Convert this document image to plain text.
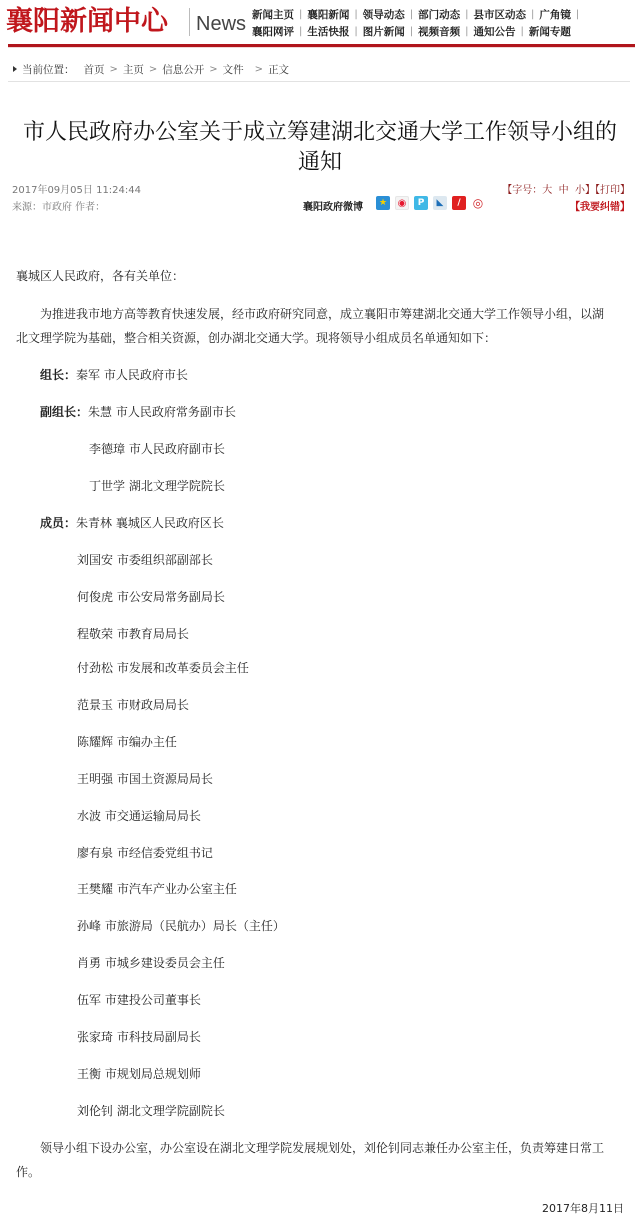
襄阳新闻中心 News 新闻主页 | 襄阳新闻 | 领导动态 | 部门动态 | 县市区动态 | 广角镜 |
襄阳网评 | 生活快报 | 图片新闻 | 视频音频 | 通知公告 | 新闻专题
当前位置： 首页 > 主页 > 信息公开 > 文件 > 正文
市人民政府办公室关于成立筹建湖北交通大学工作领导小组的
通知
2017年09月05日 11:24:44
来源：市政府 作者：
【字号：大 中 小】【打印】
襄阳政府微博 ★ ◉ P ◣ / ◎	【我要纠错】
襄城区人民政府，各有关单位：
为推进我市地方高等教育快速发展，经市政府研究同意，成立襄阳市筹建湖北交通大学工作领导小组，以湖
北文理学院为基础，整合相关资源，创办湖北交通大学。现将领导小组成员名单通知如下：
组长：秦军 市人民政府市长
副组长：朱慧 市人民政府常务副市长
李德璋 市人民政府副市长
丁世学 湖北文理学院院长
成员：朱青林 襄城区人民政府区长
刘国安 市委组织部副部长
何俊虎 市公安局常务副局长
程敬荣 市教育局局长
付劲松 市发展和改革委员会主任
范景玉 市财政局局长
陈耀辉 市编办主任
王明强 市国土资源局局长
水波 市交通运输局局长
廖有泉 市经信委党组书记
王樊耀 市汽车产业办公室主任
孙峰 市旅游局（民航办）局长（主任）
肖勇 市城乡建设委员会主任
伍军 市建投公司董事长
张家琦 市科技局副局长
王衡 市规划局总规划师
刘伦钊 湖北文理学院副院长
领导小组下设办公室，办公室设在湖北文理学院发展规划处，刘伦钊同志兼任办公室主任，负责筹建日常工
作。
2017年8月11日
